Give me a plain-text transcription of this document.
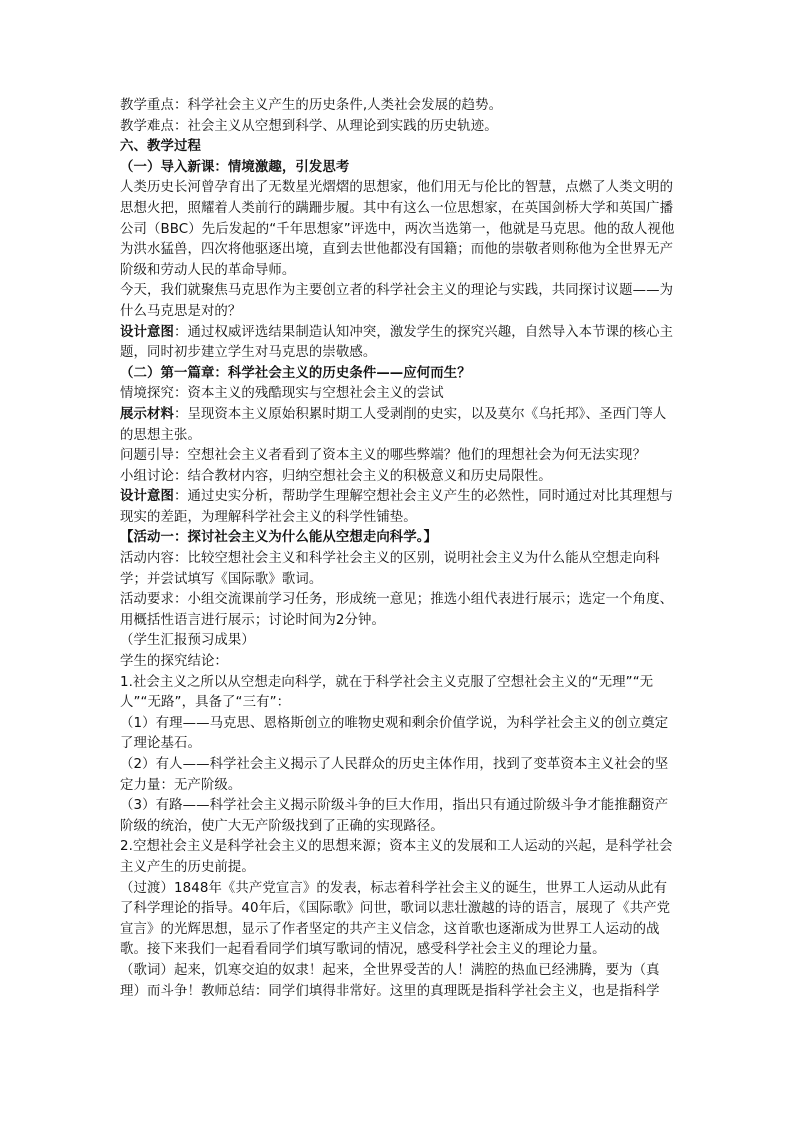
教学重点：科学社会主义产生的历史条件,人类社会发展的趋势。

教学难点：社会主义从空想到科学、从理论到实践的历史轨迹。

六、教学过程

（一）导入新课：情境激趣，引发思考

人类历史长河曾孕育出了无数星光熠熠的思想家，他们用无与伦比的智慧，点燃了人类文明的思想火把，照耀着人类前行的蹒跚步履。其中有这么一位思想家，在英国剑桥大学和英国广播公司（BBC）先后发起的“千年思想家”评选中，两次当选第一，他就是马克思。他的敌人视他为洪水猛兽，四次将他驱逐出境，直到去世他都没有国籍；而他的崇敬者则称他为全世界无产阶级和劳动人民的革命导师。

今天，我们就聚焦马克思作为主要创立者的科学社会主义的理论与实践，共同探讨议题——为什么马克思是对的？

设计意图：通过权威评选结果制造认知冲突，激发学生的探究兴趣，自然导入本节课的核心主题，同时初步建立学生对马克思的崇敬感。

（二）第一篇章：科学社会主义的历史条件——应何而生？

情境探究：资本主义的残酷现实与空想社会主义的尝试

展示材料：呈现资本主义原始积累时期工人受剥削的史实，以及莫尔《乌托邦》、圣西门等人的思想主张。

问题引导：空想社会主义者看到了资本主义的哪些弊端？他们的理想社会为何无法实现？

小组讨论：结合教材内容，归纳空想社会主义的积极意义和历史局限性。

设计意图：通过史实分析，帮助学生理解空想社会主义产生的必然性，同时通过对比其理想与现实的差距，为理解科学社会主义的科学性铺垫。

【活动一：探讨社会主义为什么能从空想走向科学。】

活动内容：比较空想社会主义和科学社会主义的区别，说明社会主义为什么能从空想走向科学；并尝试填写《国际歌》歌词。

活动要求：小组交流课前学习任务，形成统一意见；推选小组代表进行展示；选定一个角度、用概括性语言进行展示；讨论时间为2分钟。

（学生汇报预习成果）

学生的探究结论：

1.社会主义之所以从空想走向科学，就在于科学社会主义克服了空想社会主义的“无理”“无人”“无路”，具备了“三有”：

（1）有理——马克思、恩格斯创立的唯物史观和剩余价值学说，为科学社会主义的创立奠定了理论基石。

（2）有人——科学社会主义揭示了人民群众的历史主体作用，找到了变革资本主义社会的坚定力量：无产阶级。

（3）有路——科学社会主义揭示阶级斗争的巨大作用，指出只有通过阶级斗争才能推翻资产阶级的统治，使广大无产阶级找到了正确的实现路径。

2.空想社会主义是科学社会主义的思想来源；资本主义的发展和工人运动的兴起，是科学社会主义产生的历史前提。

（过渡）1848年《共产党宣言》的发表，标志着科学社会主义的诞生，世界工人运动从此有了科学理论的指导。40年后，《国际歌》问世，歌词以悲壮激越的诗的语言，展现了《共产党宣言》的光辉思想，显示了作者坚定的共产主义信念，这首歌也逐渐成为世界工人运动的战歌。接下来我们一起看看同学们填写歌词的情况，感受科学社会主义的理论力量。

（歌词）起来，饥寒交迫的奴隶！起来，全世界受苦的人！满腔的热血已经沸腾，要为（真理）而斗争！教师总结：同学们填得非常好。这里的真理既是指科学社会主义，也是指科学
